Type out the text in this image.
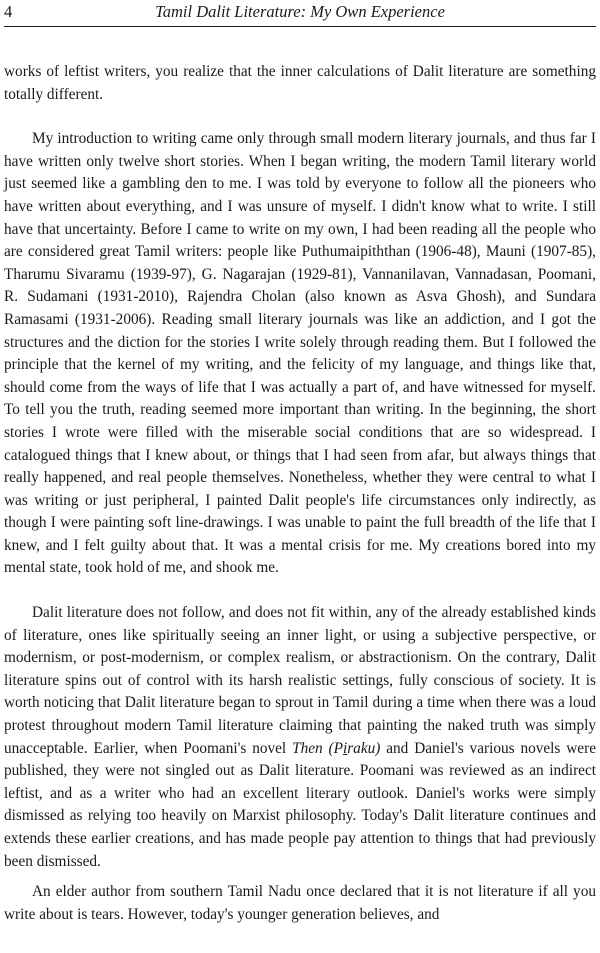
4	Tamil Dalit Literature: My Own Experience

works of leftist writers, you realize that the inner calculations of Dalit literature are something totally different.

My introduction to writing came only through small modern literary journals, and thus far I have written only twelve short stories. When I began writing, the modern Tamil literary world just seemed like a gambling den to me. I was told by everyone to follow all the pioneers who have written about everything, and I was unsure of myself. I didn't know what to write. I still have that uncertainty. Before I came to write on my own, I had been reading all the people who are considered great Tamil writers: people like Puthumaipiththan (1906-48), Mauni (1907-85), Tharumu Sivaramu (1939-97), G. Nagarajan (1929-81), Vannanilavan, Vannadasan, Poomani, R. Sudamani (1931-2010), Rajendra Cholan (also known as Asva Ghosh), and Sundara Ramasami (1931-2006). Reading small literary journals was like an addiction, and I got the structures and the diction for the stories I write solely through reading them. But I followed the principle that the kernel of my writing, and the felicity of my language, and things like that, should come from the ways of life that I was actually a part of, and have witnessed for myself. To tell you the truth, reading seemed more important than writing. In the beginning, the short stories I wrote were filled with the miserable social conditions that are so widespread. I catalogued things that I knew about, or things that I had seen from afar, but always things that really happened, and real people themselves. Nonetheless, whether they were central to what I was writing or just peripheral, I painted Dalit people's life circumstances only indirectly, as though I were painting soft line-drawings. I was unable to paint the full breadth of the life that I knew, and I felt guilty about that. It was a mental crisis for me. My creations bored into my mental state, took hold of me, and shook me.

Dalit literature does not follow, and does not fit within, any of the already established kinds of literature, ones like spiritually seeing an inner light, or using a subjective perspective, or modernism, or post-modernism, or complex realism, or abstractionism. On the contrary, Dalit literature spins out of control with its harsh realistic settings, fully conscious of society. It is worth noticing that Dalit literature began to sprout in Tamil during a time when there was a loud protest throughout modern Tamil literature claiming that painting the naked truth was simply unacceptable. Earlier, when Poomani's novel Then (Piraku) and Daniel's various novels were published, they were not singled out as Dalit literature. Poomani was reviewed as an indirect leftist, and as a writer who had an excellent literary outlook. Daniel's works were simply dismissed as relying too heavily on Marxist philosophy. Today's Dalit literature continues and extends these earlier creations, and has made people pay attention to things that had previously been dismissed.

An elder author from southern Tamil Nadu once declared that it is not literature if all you write about is tears. However, today's younger generation believes, and
